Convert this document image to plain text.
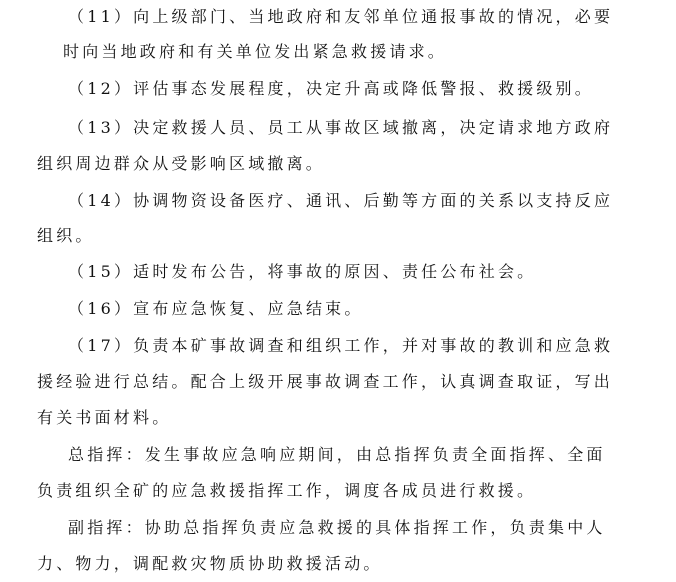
（11）向上级部门、当地政府和友邻单位通报事故的情况，必要
时向当地政府和有关单位发出紧急救援请求。
（12）评估事态发展程度，决定升高或降低警报、救援级别。
（13）决定救援人员、员工从事故区域撤离，决定请求地方政府
组织周边群众从受影响区域撤离。
（14）协调物资设备医疗、通讯、后勤等方面的关系以支持反应
组织。
（15）适时发布公告，将事故的原因、责任公布社会。
（16）宣布应急恢复、应急结束。
（17）负责本矿事故调查和组织工作，并对事故的教训和应急救
援经验进行总结。配合上级开展事故调查工作，认真调查取证，写出
有关书面材料。
总指挥：发生事故应急响应期间，由总指挥负责全面指挥、全面
负责组织全矿的应急救援指挥工作，调度各成员进行救援。
副指挥：协助总指挥负责应急救援的具体指挥工作，负责集中人
力、物力，调配救灾物质协助救援活动。
